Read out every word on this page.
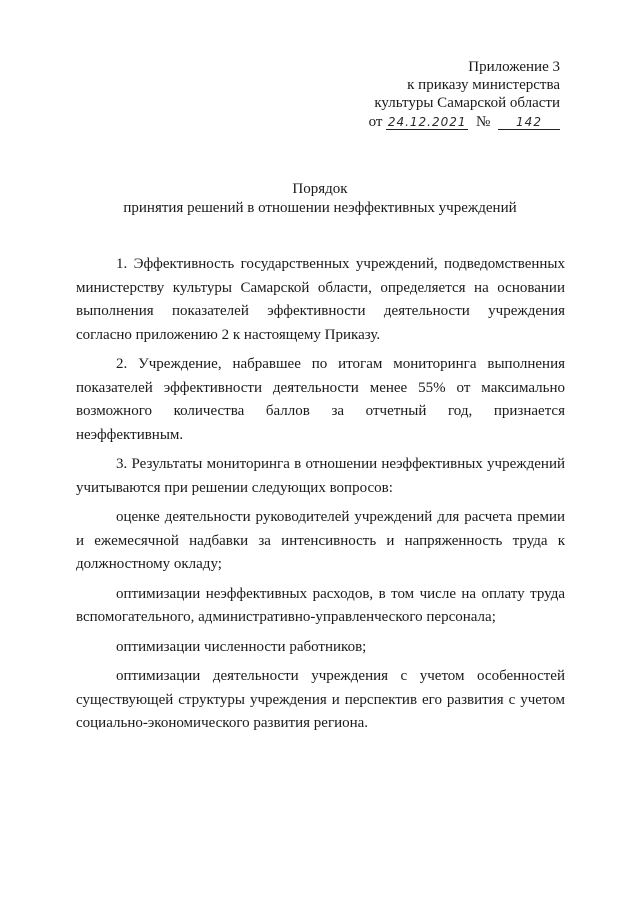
Приложение 3
к приказу министерства
культуры Самарской области
от 24.12.2021 № 142
Порядок
принятия решений в отношении неэффективных учреждений

1. Эффективность государственных учреждений, подведомственных министерству культуры Самарской области, определяется на основании выполнения показателей эффективности деятельности учреждения согласно приложению 2 к настоящему Приказу.

2. Учреждение, набравшее по итогам мониторинга выполнения показателей эффективности деятельности менее 55% от максимально возможного количества баллов за отчетный год, признается неэффективным.

3. Результаты мониторинга в отношении неэффективных учреждений учитываются при решении следующих вопросов:

оценке деятельности руководителей учреждений для расчета премии и ежемесячной надбавки за интенсивность и напряженность труда к должностному окладу;

оптимизации неэффективных расходов, в том числе на оплату труда вспомогательного, административно-управленческого персонала;

оптимизации численности работников;

оптимизации деятельности учреждения с учетом особенностей существующей структуры учреждения и перспектив его развития с учетом социально-экономического развития региона.
